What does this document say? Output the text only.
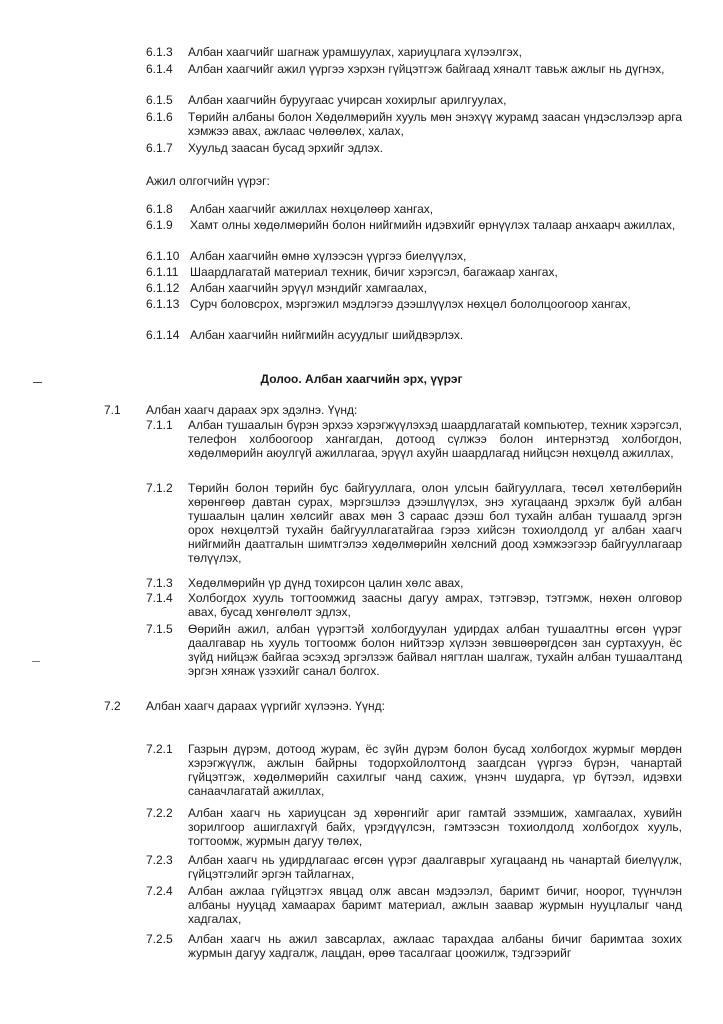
6.1.3	Албан хаагчийг шагнаж урамшуулах, хариуцлага хүлээлгэх,
6.1.4	Албан хаагчийг ажил үүргээ хэрхэн гүйцэтгэж байгаад хяналт тавьж ажлыг нь дүгнэх,
6.1.5	Албан хаагчийн буруугаас учирсан хохирлыг арилгуулах,
6.1.6	Төрийн албаны болон Хөдөлмөрийн хууль мөн энэхүү журамд заасан үндэслэлээр арга хэмжээ авах, ажлаас чөлөөлөх, халах,
6.1.7	Хуульд заасан бусад эрхийг эдлэх.
Ажил олгогчийн үүрэг:
6.1.8	Албан хаагчийг ажиллах нөхцөлөөр хангах,
6.1.9	Хамт олны хөдөлмөрийн болон нийгмийн идэвхийг өрнүүлэх талаар анхаарч ажиллах,
6.1.10 Албан хаагчийн өмнө хүлээсэн үүргээ биелүүлэх,
6.1.11 Шаардлагатай материал техник, бичиг хэрэгсэл, багажаар хангах,
6.1.12 Албан хаагчийн эрүүл мэндийг хамгаалах,
6.1.13 Сурч боловсрох, мэргэжил мэдлэгээ дээшлүүлэх нөхцөл бололцоогоор хангах,
6.1.14 Албан хаагчийн нийгмийн асуудлыг шийдвэрлэх.
Долоо. Албан хаагчийн эрх, үүрэг
7.1	Албан хаагч дараах эрх эдэлнэ. Үүнд:
7.1.1	Албан тушаалын бүрэн эрхээ хэрэгжүүлэхэд шаардлагатай компьютер, техник хэрэгсэл, телефон холбоогоор хангагдан, дотоод сүлжээ болон интернэтэд холбогдон, хөдөлмөрийн аюулгүй ажиллагаа, эрүүл ахуйн шаардлагад нийцсэн нөхцөлд ажиллах,
7.1.2	Төрийн болон төрийн бус байгууллага, олон улсын байгууллага, төсөл хөтөлбөрийн хөрөнгөөр давтан сурах, мэргэшлээ дээшлүүлэх, энэ хугацаанд эрхэлж буй албан тушаалын цалин хөлсийг авах мөн 3 сараас дээш бол тухайн албан тушаалд эргэн орох нөхцөлтэй тухайн байгууллагатайгаа гэрээ хийсэн тохиолдолд уг албан хаагч нийгмийн даатгалын шимтгэлээ хөдөлмөрийн хөлсний доод хэмжээгээр байгууллагаар төлүүлэх,
7.1.3	Хөдөлмөрийн үр дүнд тохирсон цалин хөлс авах,
7.1.4	Холбогдох хууль тогтоомжид заасны дагуу амрах, тэтгэвэр, тэтгэмж, нөхөн олговор авах, бусад хөнгөлөлт эдлэх,
7.1.5	Өөрийн ажил, албан үүрэгтэй холбогдуулан удирдах албан тушаалтны өгсөн үүрэг даалгавар нь хууль тогтоомж болон нийтээр хүлээн зөвшөөрөгдсөн зан суртахуун, ёс зүйд нийцэж байгаа эсэхэд эргэлзэж байвал нягтлан шалгаж, тухайн албан тушаалтанд эргэн хянаж үзэхийг санал болгох.
7.2	Албан хаагч дараах үүргийг хүлээнэ. Үүнд:
7.2.1	Газрын дүрэм, дотоод журам, ёс зүйн дүрэм болон бусад холбогдох журмыг мөрдөн хэрэгжүүлж, ажлын байрны тодорхойлолтонд заагдсан үүргээ бүрэн, чанартай гүйцэтгэж, хөдөлмөрийн сахилгыг чанд сахиж, үнэнч шударга, үр бүтээл, идэвхи санаачлагатай ажиллах,
7.2.2	Албан хаагч нь хариуцсан эд хөрөнгийг ариг гамтай эзэмшиж, хамгаалах, хувийн зорилгоор ашиглахгүй байх, үрэгдүүлсэн, гэмтээсэн тохиолдолд холбогдох хууль, тогтоомж, журмын дагуу төлөх,
7.2.3	Албан хаагч нь удирдлагаас өгсөн үүрэг даалгаврыг хугацаанд нь чанартай биелүүлж, гүйцэтгэлийг эргэн тайлагнах,
7.2.4	Албан ажлаа гүйцэтгэх явцад олж авсан мэдээлэл, баримт бичиг, ноорог, түүнчлэн албаны нууцад хамаарах баримт материал, ажлын заавар журмын нууцлалыг чанд хадгалах,
7.2.5	Албан хаагч нь ажил завсарлах, ажлаас тарахдаа албаны бичиг баримтаа зохих журмын дагуу хадгалж, лацдан, өрөө тасалгааг цоожилж, тэдгээрийг
